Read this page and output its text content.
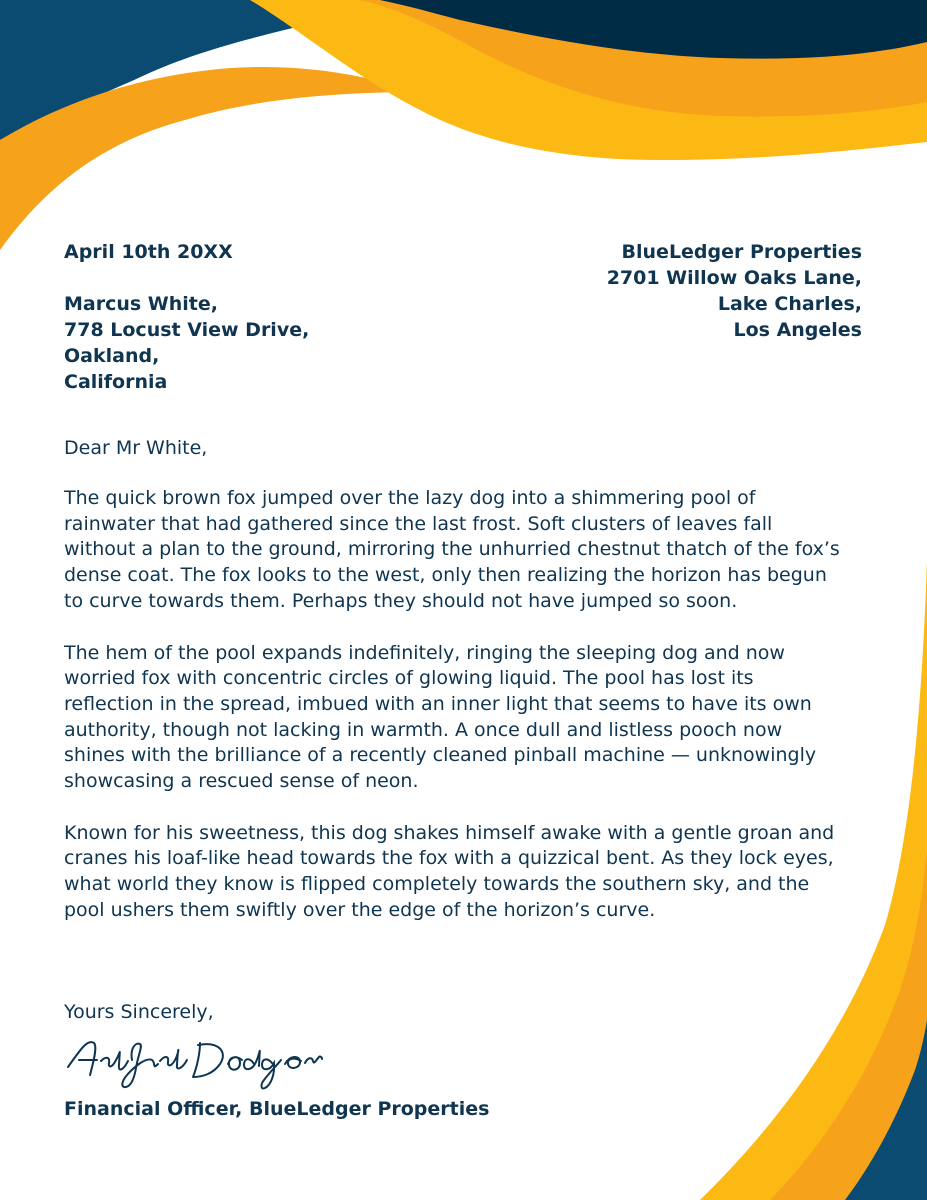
April 10th 20XX
Marcus White,
778 Locust View Drive,
Oakland,
California
BlueLedger Properties
2701 Willow Oaks Lane,
Lake Charles,
Los Angeles
Dear Mr White,

The quick brown fox jumped over the lazy dog into a shimmering pool of rainwater that had gathered since the last frost. Soft clusters of leaves fall without a plan to the ground, mirroring the unhurried chestnut thatch of the fox’s dense coat. The fox looks to the west, only then realizing the horizon has begun to curve towards them. Perhaps they should not have jumped so soon.

The hem of the pool expands indefinitely, ringing the sleeping dog and now worried fox with concentric circles of glowing liquid. The pool has lost its reflection in the spread, imbued with an inner light that seems to have its own authority, though not lacking in warmth. A once dull and listless pooch now shines with the brilliance of a recently cleaned pinball machine — unknowingly showcasing a rescued sense of neon.

Known for his sweetness, this dog shakes himself awake with a gentle groan and cranes his loaf-like head towards the fox with a quizzical bent. As they lock eyes, what world they know is flipped completely towards the southern sky, and the pool ushers them swiftly over the edge of the horizon’s curve.

Yours Sincerely,
Financial Officer, BlueLedger Properties
